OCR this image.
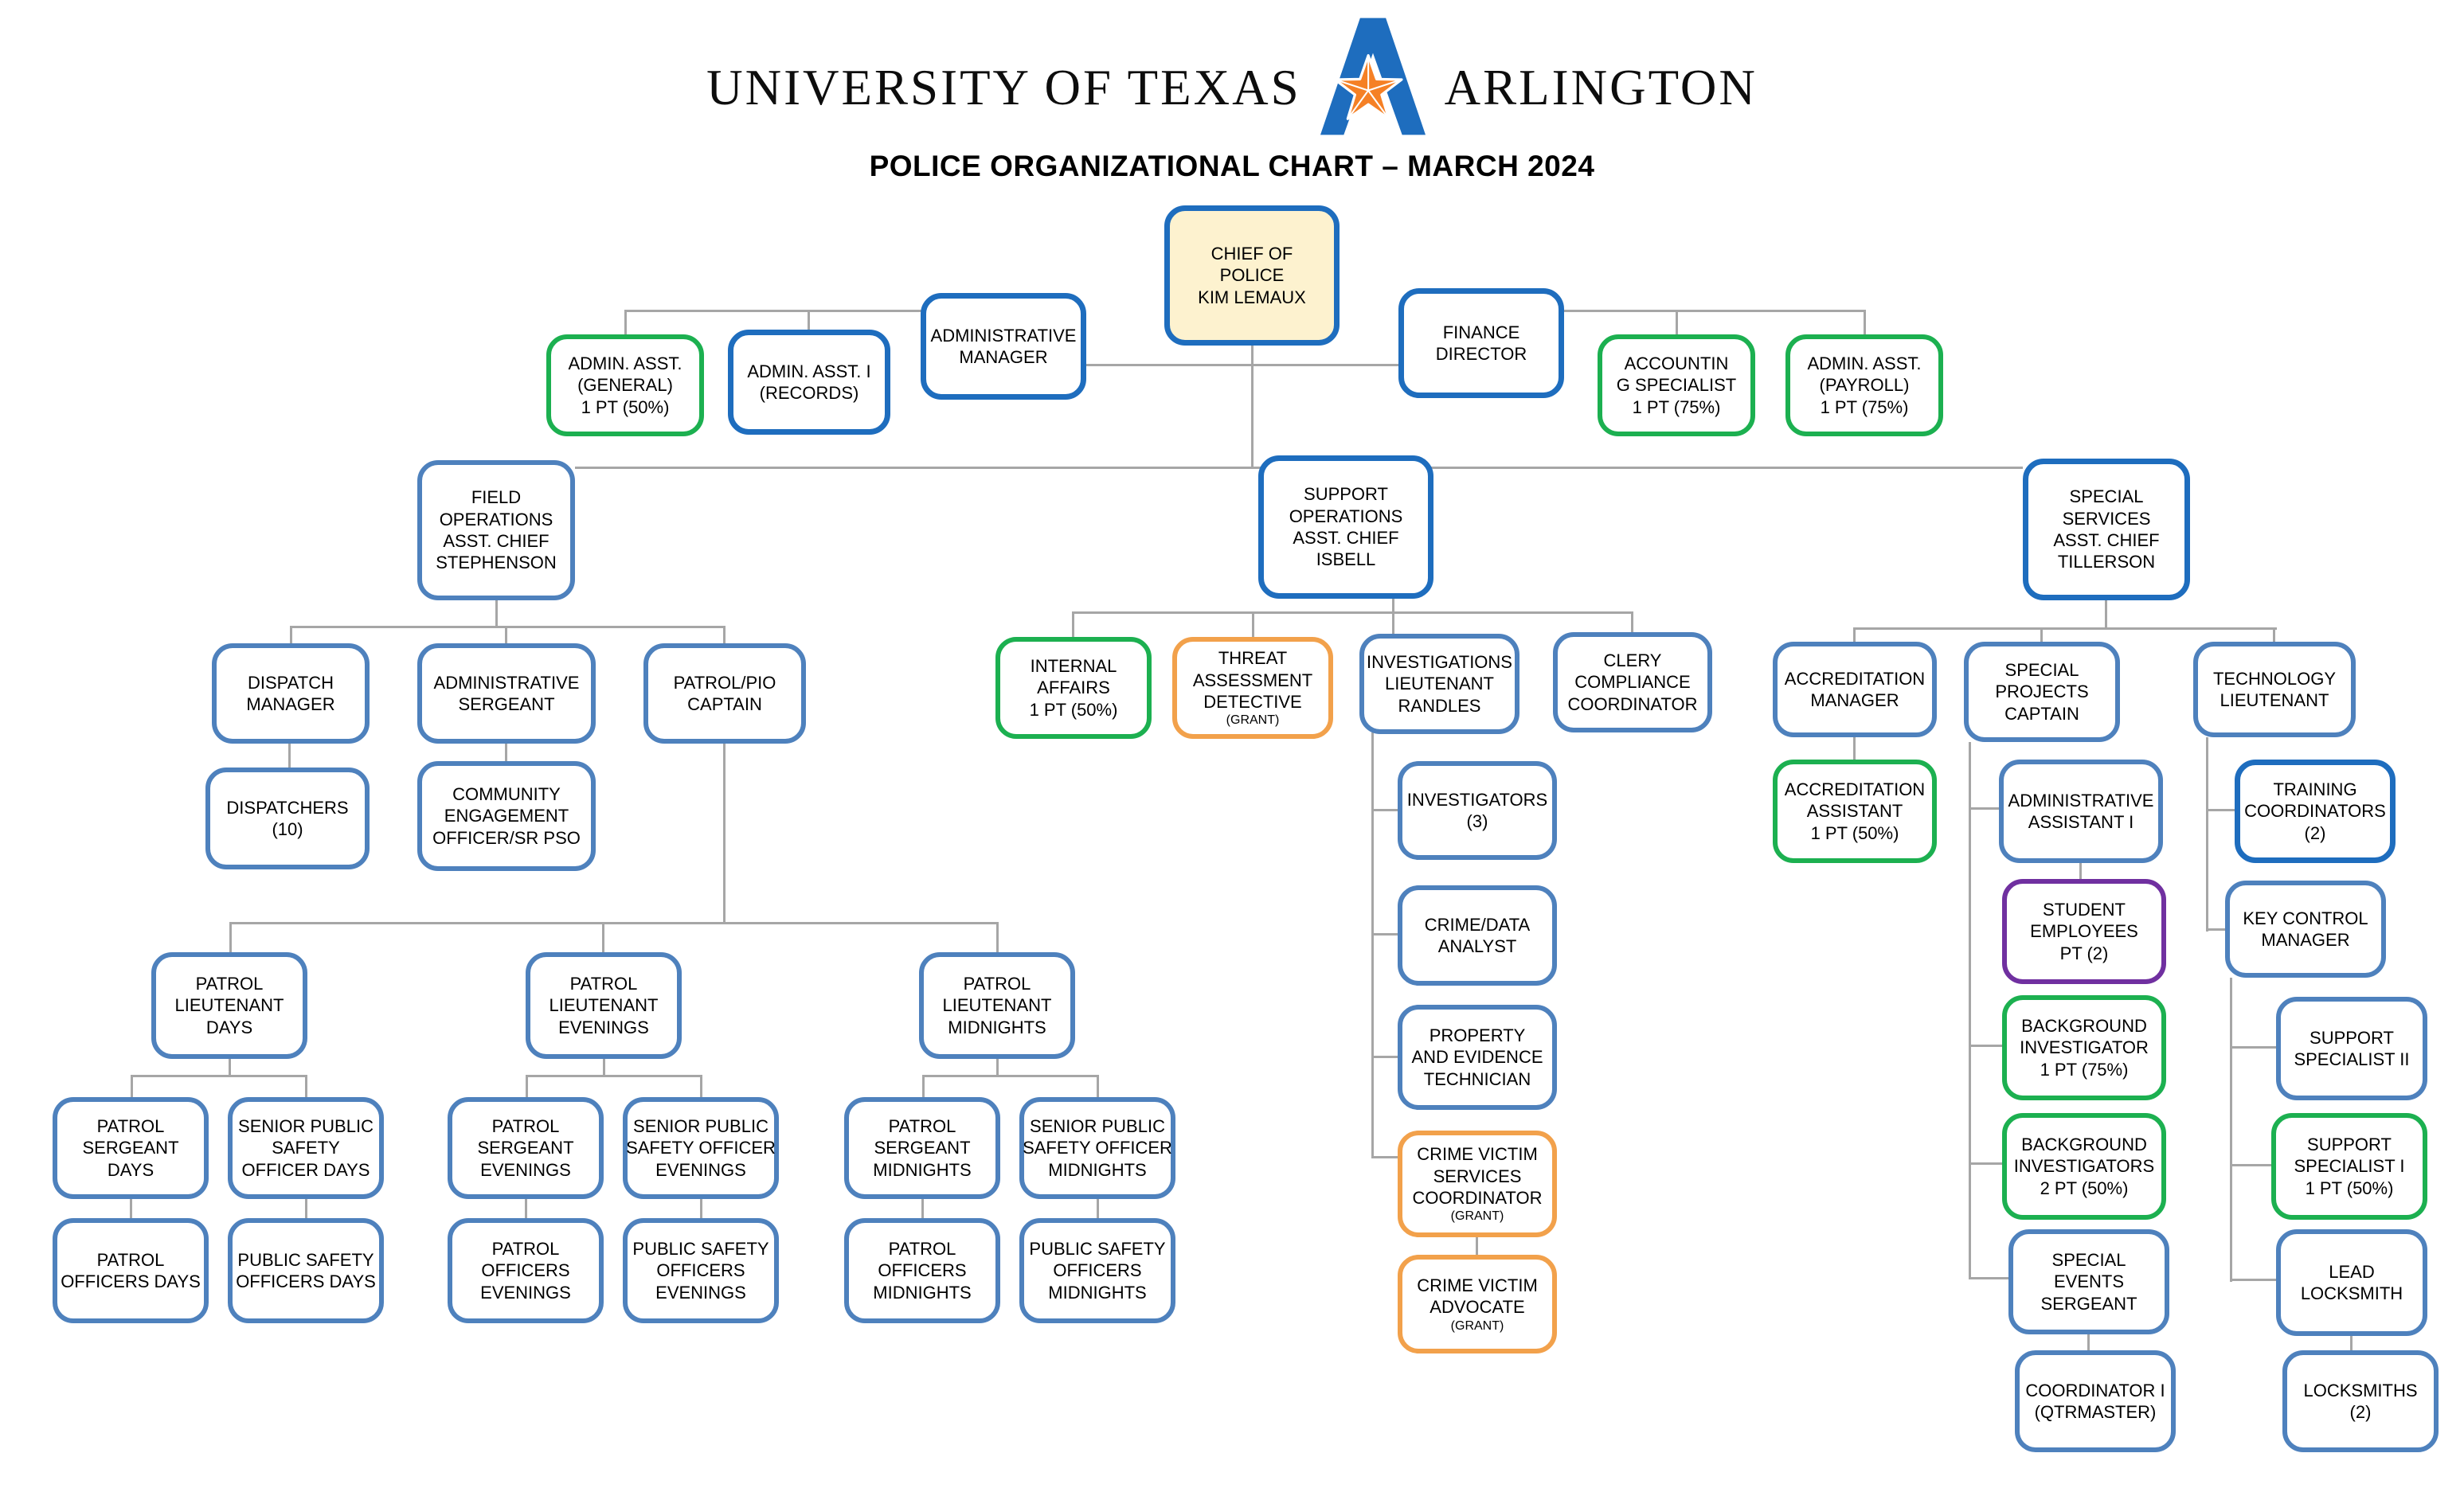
CHIEF OF
POLICE
KIM LEMAUX
ADMINISTRATIVE
MANAGER
FINANCE
DIRECTOR
ADMIN. ASST.
(GENERAL)
1 PT (50%)
ADMIN. ASST. I
(RECORDS)
ACCOUNTIN
G SPECIALIST
1 PT (75%)
ADMIN. ASST.
(PAYROLL)
1 PT (75%)
FIELD
OPERATIONS
ASST. CHIEF
STEPHENSON
SUPPORT
OPERATIONS
ASST. CHIEF
ISBELL
SPECIAL
SERVICES
ASST. CHIEF
TILLERSON
DISPATCH
MANAGER
ADMINISTRATIVE
SERGEANT
PATROL/PIO
CAPTAIN
DISPATCHERS
(10)
COMMUNITY
ENGAGEMENT
OFFICER/SR PSO
INTERNAL
AFFAIRS
1 PT (50%)
THREAT
ASSESSMENT
DETECTIVE
(GRANT)
INVESTIGATIONS
LIEUTENANT
RANDLES
CLERY
COMPLIANCE
COORDINATOR
INVESTIGATORS
(3)
CRIME/DATA
ANALYST
PROPERTY
AND EVIDENCE
TECHNICIAN
CRIME VICTIM
SERVICES
COORDINATOR
(GRANT)
CRIME VICTIM
ADVOCATE
(GRANT)
ACCREDITATION
MANAGER
SPECIAL
PROJECTS
CAPTAIN
TECHNOLOGY
LIEUTENANT
ACCREDITATION
ASSISTANT
1 PT (50%)
ADMINISTRATIVE
ASSISTANT I
STUDENT
EMPLOYEES
PT (2)
BACKGROUND
INVESTIGATOR
1 PT (75%)
BACKGROUND
INVESTIGATORS
2 PT (50%)
SPECIAL
EVENTS
SERGEANT
COORDINATOR I
(QTRMASTER)
TRAINING
COORDINATORS
(2)
KEY CONTROL
MANAGER
SUPPORT
SPECIALIST II
SUPPORT
SPECIALIST I
1 PT (50%)
LEAD
LOCKSMITH
LOCKSMITHS
(2)
PATROL
LIEUTENANT
DAYS
PATROL
LIEUTENANT
EVENINGS
PATROL
LIEUTENANT
MIDNIGHTS
PATROL
SERGEANT
DAYS
SENIOR PUBLIC
SAFETY
OFFICER DAYS
PATROL
OFFICERS DAYS
PUBLIC SAFETY
OFFICERS DAYS
PATROL
SERGEANT
EVENINGS
SENIOR PUBLIC
SAFETY OFFICER
EVENINGS
PATROL
OFFICERS
EVENINGS
PUBLIC SAFETY
OFFICERS
EVENINGS
PATROL
SERGEANT
MIDNIGHTS
SENIOR PUBLIC
SAFETY OFFICER
MIDNIGHTS
PATROL
OFFICERS
MIDNIGHTS
PUBLIC SAFETY
OFFICERS
MIDNIGHTS
UNIVERSITY OF TEXAS	ARLINGTON
POLICE ORGANIZATIONAL CHART – MARCH 2024
